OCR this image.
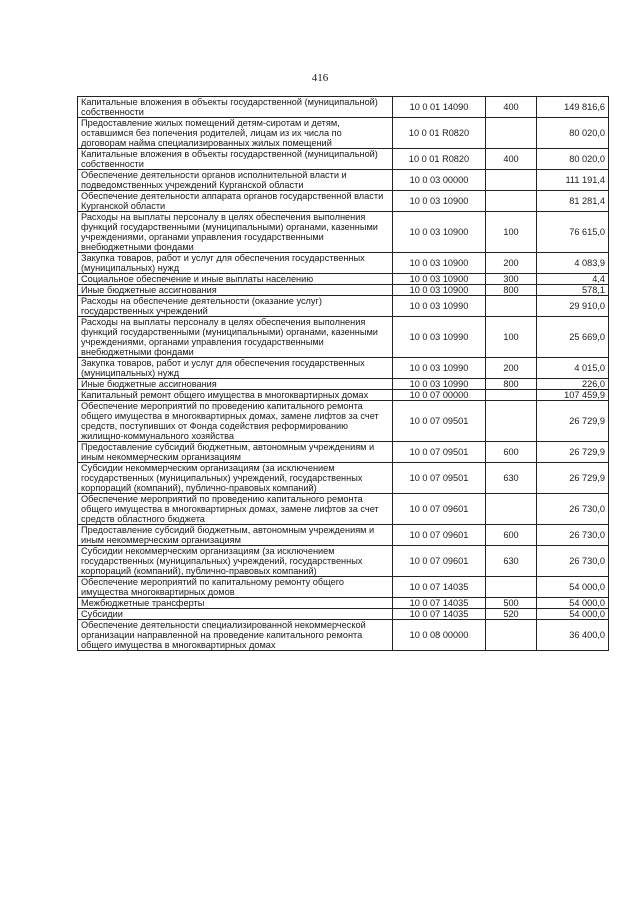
416
Капитальные вложения в объекты государственной (муниципальной) собственности	10 0 01 14090	400	149 816,6
Предоставление жилых помещений детям-сиротам и детям, оставшимся без попечения родителей, лицам из их числа по договорам найма специализированных жилых помещений	10 0 01 R0820		80 020,0
Капитальные вложения в объекты государственной (муниципальной) собственности	10 0 01 R0820	400	80 020,0
Обеспечение деятельности органов исполнительной власти и подведомственных учреждений Курганской области	10 0 03 00000		111 191,4
Обеспечение деятельности аппарата органов государственной власти Курганской области	10 0 03 10900		81 281,4
Расходы на выплаты персоналу в целях обеспечения выполнения функций государственными (муниципальными) органами, казенными учреждениями, органами управления государственными внебюджетными фондами	10 0 03 10900	100	76 615,0
Закупка товаров, работ и услуг для обеспечения государственных (муниципальных) нужд	10 0 03 10900	200	4 083,9
Социальное обеспечение и иные выплаты населению	10 0 03 10900	300	4,4
Иные бюджетные ассигнования	10 0 03 10900	800	578,1
Расходы на обеспечение деятельности (оказание услуг) государственных учреждений	10 0 03 10990		29 910,0
Расходы на выплаты персоналу в целях обеспечения выполнения функций государственными (муниципальными) органами, казенными учреждениями, органами управления государственными внебюджетными фондами	10 0 03 10990	100	25 669,0
Закупка товаров, работ и услуг для обеспечения государственных (муниципальных) нужд	10 0 03 10990	200	4 015,0
Иные бюджетные ассигнования	10 0 03 10990	800	226,0
Капитальный ремонт общего имущества в многоквартирных домах	10 0 07 00000		107 459,9
Обеспечение мероприятий по проведению капитального ремонта общего имущества в многоквартирных домах, замене лифтов за счет средств, поступивших от Фонда содействия реформированию жилищно-коммунального хозяйства	10 0 07 09501		26 729,9
Предоставление субсидий бюджетным, автономным учреждениям и иным некоммерческим организациям	10 0 07 09501	600	26 729,9
Субсидии некоммерческим организациям (за исключением государственных (муниципальных) учреждений, государственных корпораций (компаний), публично-правовых компаний)	10 0 07 09501	630	26 729,9
Обеспечение мероприятий по проведению капитального ремонта общего имущества в многоквартирных домах, замене лифтов за счет средств областного бюджета	10 0 07 09601		26 730,0
Предоставление субсидий бюджетным, автономным учреждениям и иным некоммерческим организациям	10 0 07 09601	600	26 730,0
Субсидии некоммерческим организациям (за исключением государственных (муниципальных) учреждений, государственных корпораций (компаний), публично-правовых компаний)	10 0 07 09601	630	26 730,0
Обеспечение мероприятий по капитальному ремонту общего имущества многоквартирных домов	10 0 07 14035		54 000,0
Межбюджетные трансферты	10 0 07 14035	500	54 000,0
Субсидии	10 0 07 14035	520	54 000,0
Обеспечение деятельности специализированной некоммерческой организации направленной на проведение капитального ремонта общего имущества в многоквартирных домах	10 0 08 00000		36 400,0
